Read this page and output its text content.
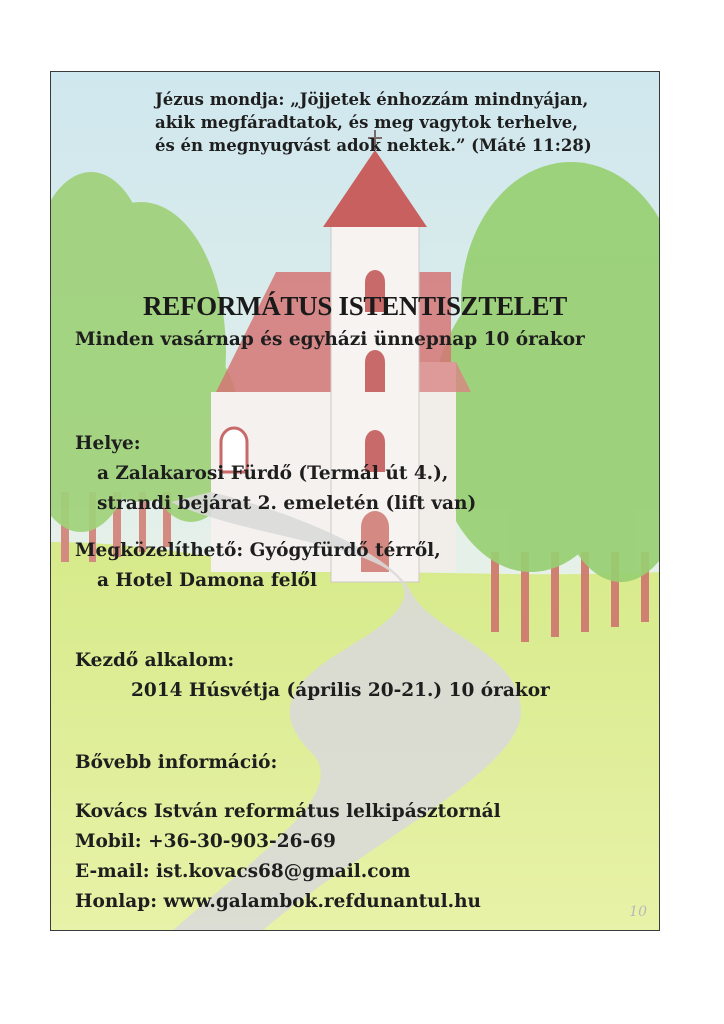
Jézus mondja: „Jöjjetek énhozzám mindnyájan,
akik megfáradtatok, és meg vagytok terhelve,
és én megnyugvást adok nektek.” (Máté 11:28)
REFORMÁTUS ISTENTISZTELET
Minden vasárnap és egyházi ünnepnap 10 órakor
Helye:
a Zalakarosi Fürdő (Termál út 4.),
strandi bejárat 2. emeletén (lift van)
Megközelíthető: Gyógyfürdő térről,
a Hotel Damona felől
Kezdő alkalom:
2014 Húsvétja (április 20-21.) 10 órakor
Bővebb információ:
Kovács István református lelkipásztornál
Mobil: +36-30-903-26-69
E-mail: ist.kovacs68@gmail.com
Honlap: www.galambok.refdunantul.hu	10
